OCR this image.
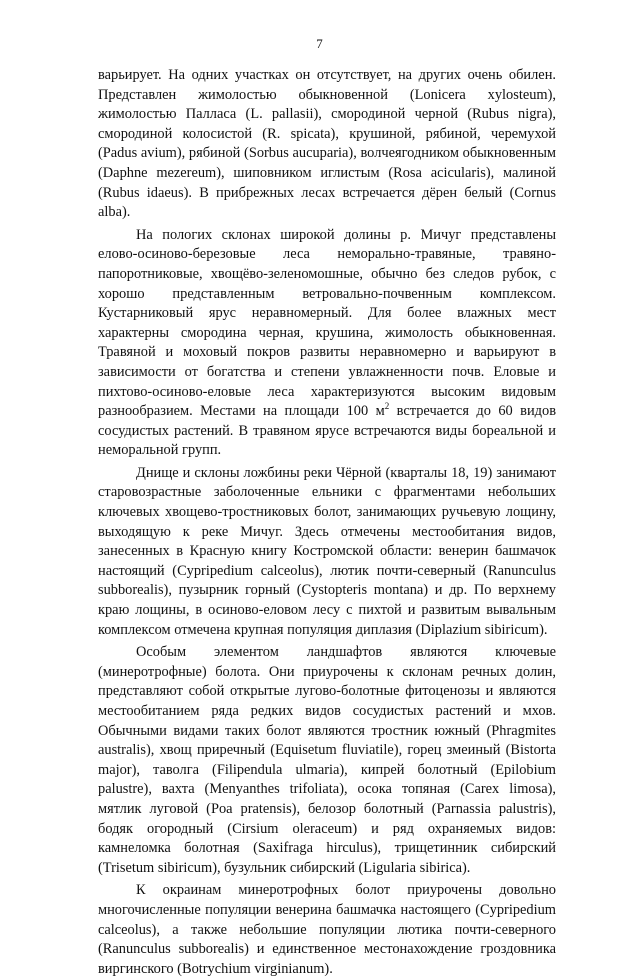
7

варьирует. На одних участках он отсутствует, на других очень обилен. Представлен жимолостью обыкновенной (Lonicera xylosteum), жимолостью Палласа (L. pallasii), смородиной черной (Rubus nigra), смородиной колосистой (R. spicata), крушиной, рябиной, черемухой (Padus avium), рябиной (Sorbus aucuparia), волчеягодником обыкновенным (Daphne mezereum), шиповником иглистым (Rosa acicularis), малиной (Rubus idaeus). В прибрежных лесах встречается дёрен белый (Cornus alba).

На пологих склонах широкой долины р. Мичуг представлены елово-осиново-березовые леса неморально-травяные, травяно-папоротниковые, хвощёво-зеленомошные, обычно без следов рубок, с хорошо представленным ветровально-почвенным комплексом. Кустарниковый ярус неравномерный. Для более влажных мест характерны смородина черная, крушина, жимолость обыкновенная. Травяной и моховый покров развиты неравномерно и варьируют в зависимости от богатства и степени увлажненности почв. Еловые и пихтово-осиново-еловые леса характеризуются высоким видовым разнообразием. Местами на площади 100 $м^2$ встречается до 60 видов сосудистых растений. В травяном ярусе встречаются виды бореальной и неморальной групп.

Днище и склоны ложбины реки Чёрной (кварталы 18, 19) занимают старовозрастные заболоченные ельники с фрагментами небольших ключевых хвощево-тростниковых болот, занимающих ручьевую лощину, выходящую к реке Мичуг. Здесь отмечены местообитания видов, занесенных в Красную книгу Костромской области: венерин башмачок настоящий (Cypripedium calceolus), лютик почти-северный (Ranunculus subborealis), пузырник горный (Cystopteris montana) и др. По верхнему краю лощины, в осиново-еловом лесу с пихтой и развитым вывальным комплексом отмечена крупная популяция диплазия (Diplazium sibiricum).

Особым элементом ландшафтов являются ключевые (минеротрофные) болота. Они приурочены к склонам речных долин, представляют собой открытые лугово-болотные фитоценозы и являются местообитанием ряда редких видов сосудистых растений и мхов. Обычными видами таких болот являются тростник южный (Phragmites australis), хвощ приречный (Equisetum fluviatile), горец змеиный (Bistorta major), таволга (Filipendula ulmaria), кипрей болотный (Epilobium palustre), вахта (Menyanthes trifoliata), осока топяная (Carex limosa), мятлик луговой (Poa pratensis), белозор болотный (Parnassia palustris), бодяк огородный (Cirsium oleraceum) и ряд охраняемых видов: камнеломка болотная (Saxifraga hirculus), трищетинник сибирский (Trisetum sibiricum), бузульник сибирский (Ligularia sibirica).

К окраинам минеротрофных болот приурочены довольно многочисленные популяции венерина башмачка настоящего (Cypripedium calceolus), а также небольшие популяции лютика почти-северного (Ranunculus subborealis) и единственное местонахождение гроздовника виргинского (Botrychium virginianum).
